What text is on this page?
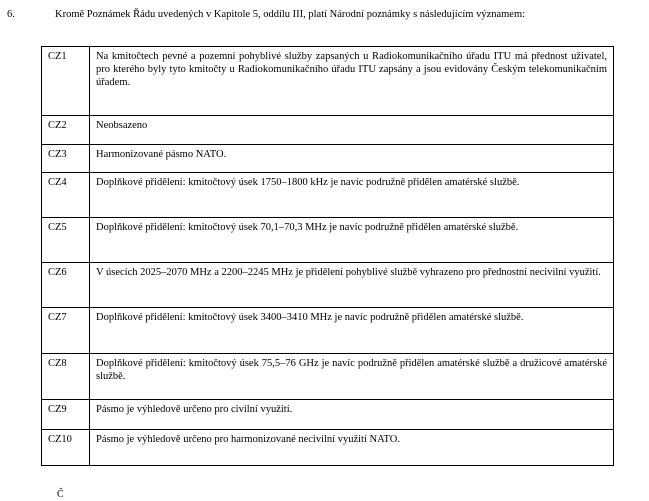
6.	Kromě Poznámek Řádu uvedených v Kapitole 5, oddílu III, platí Národní poznámky s následujícím významem:
CZ1	Na kmitočtech pevné a pozemní pohyblivé služby zapsaných u Radiokomunikačního úřadu ITU má přednost uživatel, pro kterého byly tyto kmitočty u Radiokomunikačního úřadu ITU zapsány a jsou evidovány Českým telekomunikačním úřadem.
CZ2	Neobsazeno
CZ3	Harmonizované pásmo NATO.
CZ4	Doplňkové přidělení: kmitočtový úsek 1750–1800 kHz je navíc podružně přidělen amatérské službě.
CZ5	Doplňkové přidělení: kmitočtový úsek 70,1–70,3 MHz je navíc podružně přidělen amatérské službě.
CZ6	V úsecích 2025–2070 MHz a 2200–2245 MHz je přidělení pohyblivé službě vyhrazeno pro přednostní necivilní využití.
CZ7	Doplňkové přidělení: kmitočtový úsek 3400–3410 MHz je navíc podružně přidělen amatérské službě.
CZ8	Doplňkové přidělení: kmitočtový úsek 75,5–76 GHz je navíc podružně přidělen amatérské službě a družicové amatérské službě.
CZ9	Pásmo je výhledově určeno pro civilní využití.
CZ10	Pásmo je výhledově určeno pro harmonizované necivilní využití NATO.
Č
